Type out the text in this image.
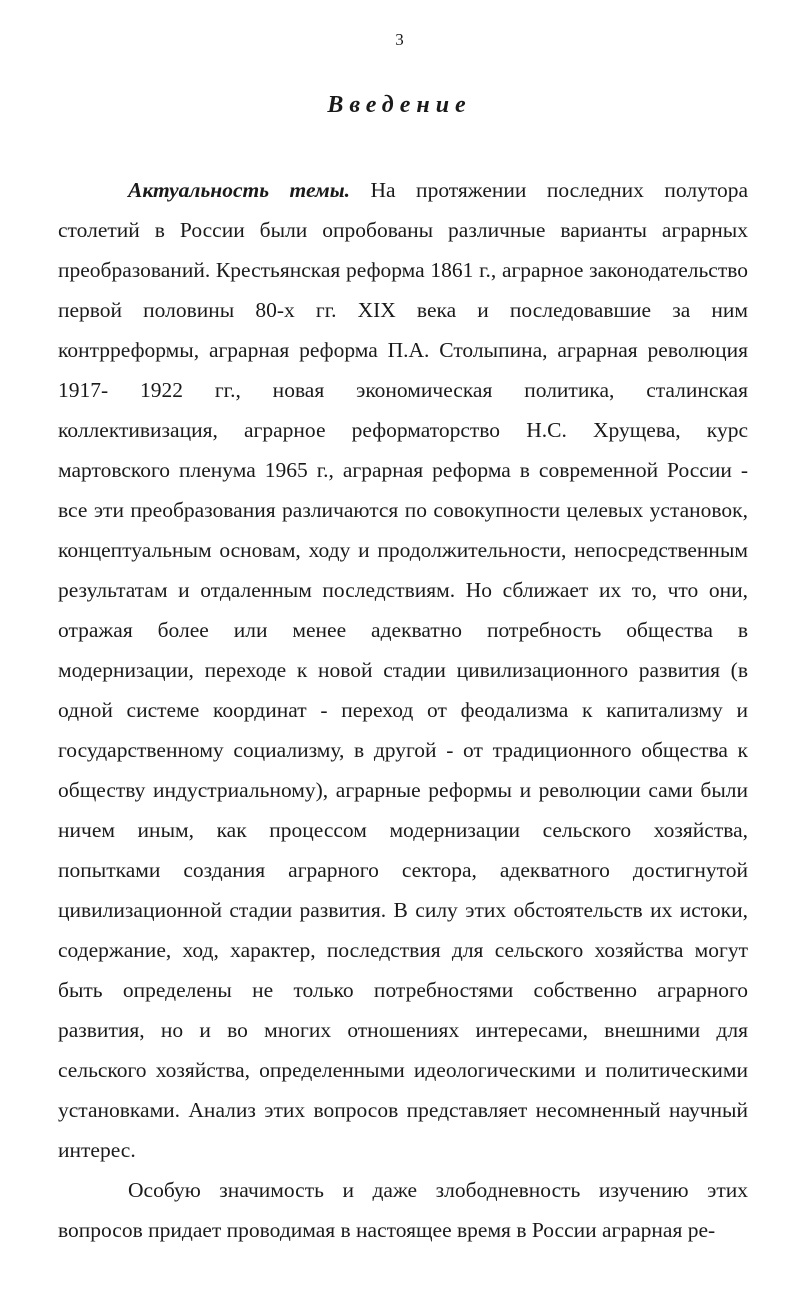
3
Введение

Актуальность темы. На протяжении последних полутора столетий в России были опробованы различные варианты аграрных преобразований. Крестьянская реформа 1861 г., аграрное законодательство первой половины 80-х гг. XIX века и последовавшие за ним контрреформы, аграрная реформа П.А. Столыпина, аграрная революция 1917- 1922 гг., новая экономическая политика, сталинская коллективизация, аграрное реформаторство Н.С. Хрущева, курс мартовского пленума 1965 г., аграрная реформа в современной России - все эти преобразования различаются по совокупности целевых установок, концептуальным основам, ходу и продолжительности, непосредственным результатам и отдаленным последствиям. Но сближает их то, что они, отражая более или менее адекватно потребность общества в модернизации, переходе к новой стадии цивилизационного развития (в одной системе координат - переход от феодализма к капитализму и государственному социализму, в другой - от традиционного общества к обществу индустриальному), аграрные реформы и революции сами были ничем иным, как процессом модернизации сельского хозяйства, попытками создания аграрного сектора, адекватного достигнутой цивилизационной стадии развития. В силу этих обстоятельств их истоки, содержание, ход, характер, последствия для сельского хозяйства могут быть определены не только потребностями собственно аграрного развития, но и во многих отношениях интересами, внешними для сельского хозяйства, определенными идеологическими и политическими установками. Анализ этих вопросов представляет несомненный научный интерес.

Особую значимость и даже злободневность изучению этих вопросов придает проводимая в настоящее время в России аграрная ре-
